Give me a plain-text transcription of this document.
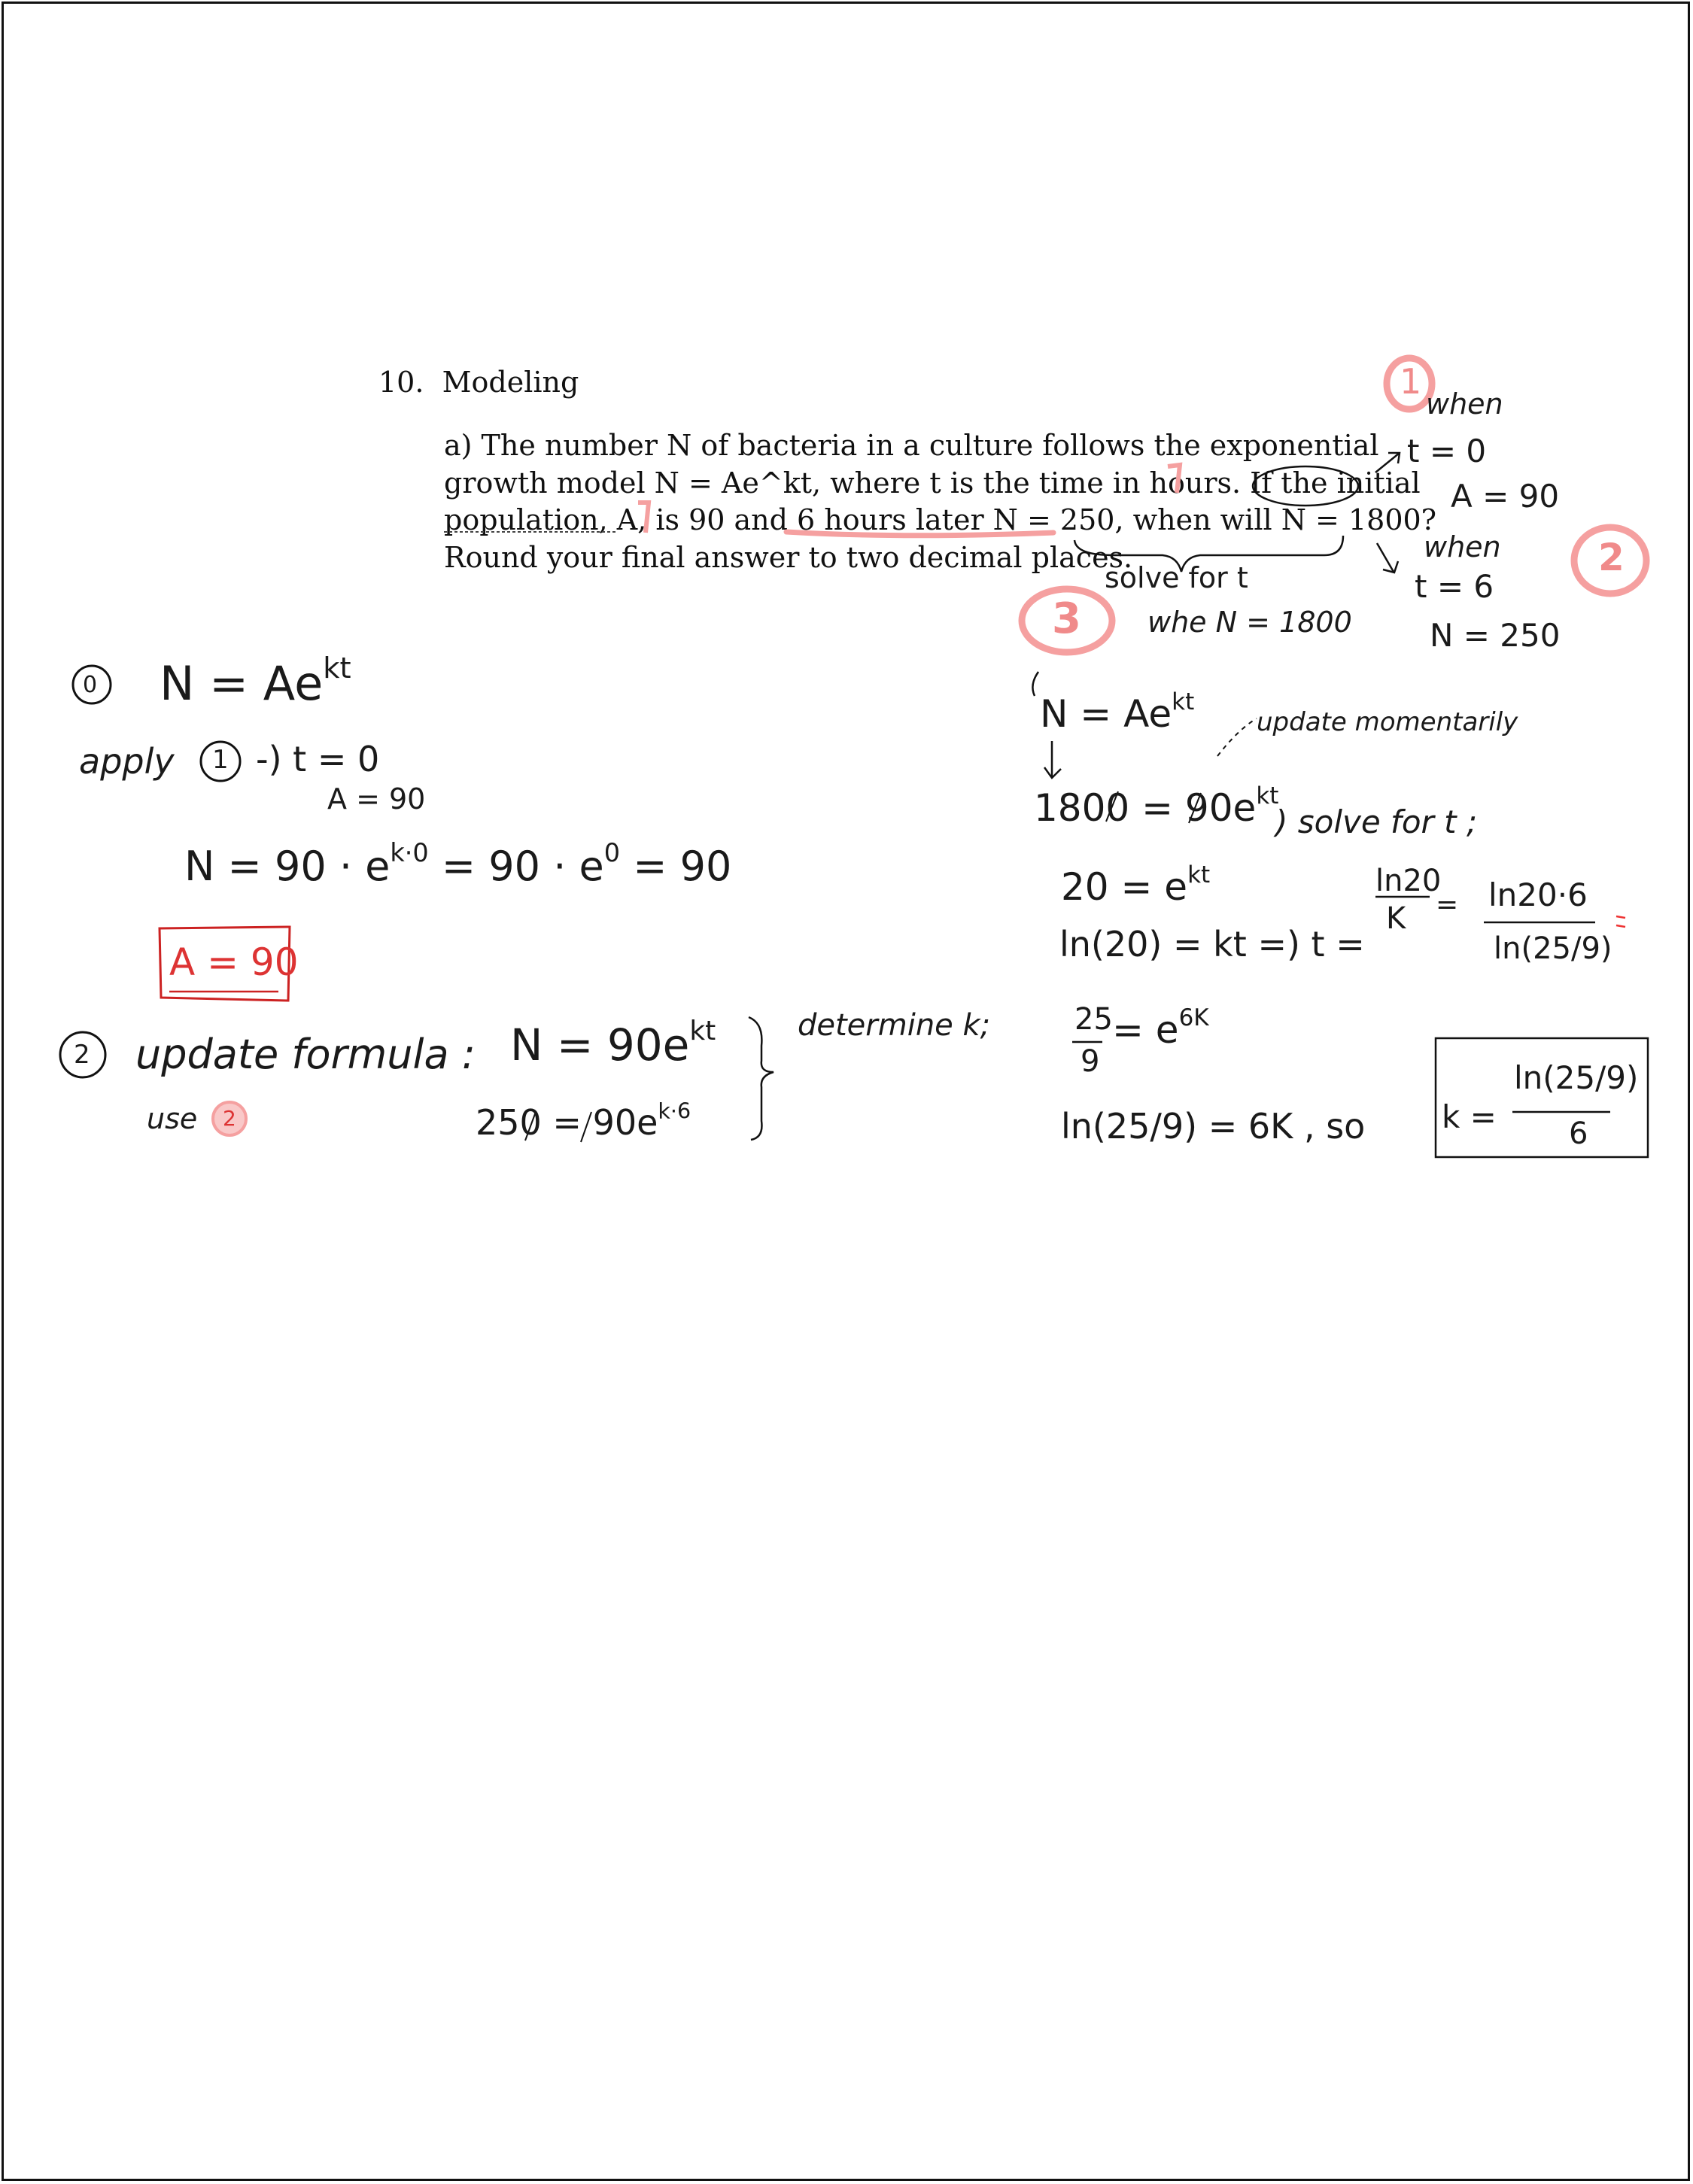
10. Modeling
a) The number N of bacteria in a culture follows the exponential
growth model N = Ae^kt, where t is the time in hours. If the initial
population, A, is 90 and 6 hours later N = 250, when will N = 1800?
Round your final answer to two decimal places.
1
when
t = 0
A = 90
2
when
t = 6
N = 250
3
solve for t
whe N = 1800
0 $N = Ae^{kt}$
apply 1 -) t = 0
A = 90
$N = 90 \cdot e^{k\cdot 0} = 90 \cdot e^0 = 90$
A = 90
2 update formula : $N = 90e^{kt}$
use 2	$250 = 90e^{k\cdot 6}$
determine k;
$N = Ae^{kt}$
update momentarily
$1800 = 90e^{kt}$
) solve for t ;
$20 = e^{kt}$
ln(20) = kt =) t =
ln20
K = ln20·6
ln(25/9)
25
9
= $e^{6K}$
ln(25/9) = 6K , so k =
ln(25/9)
6
